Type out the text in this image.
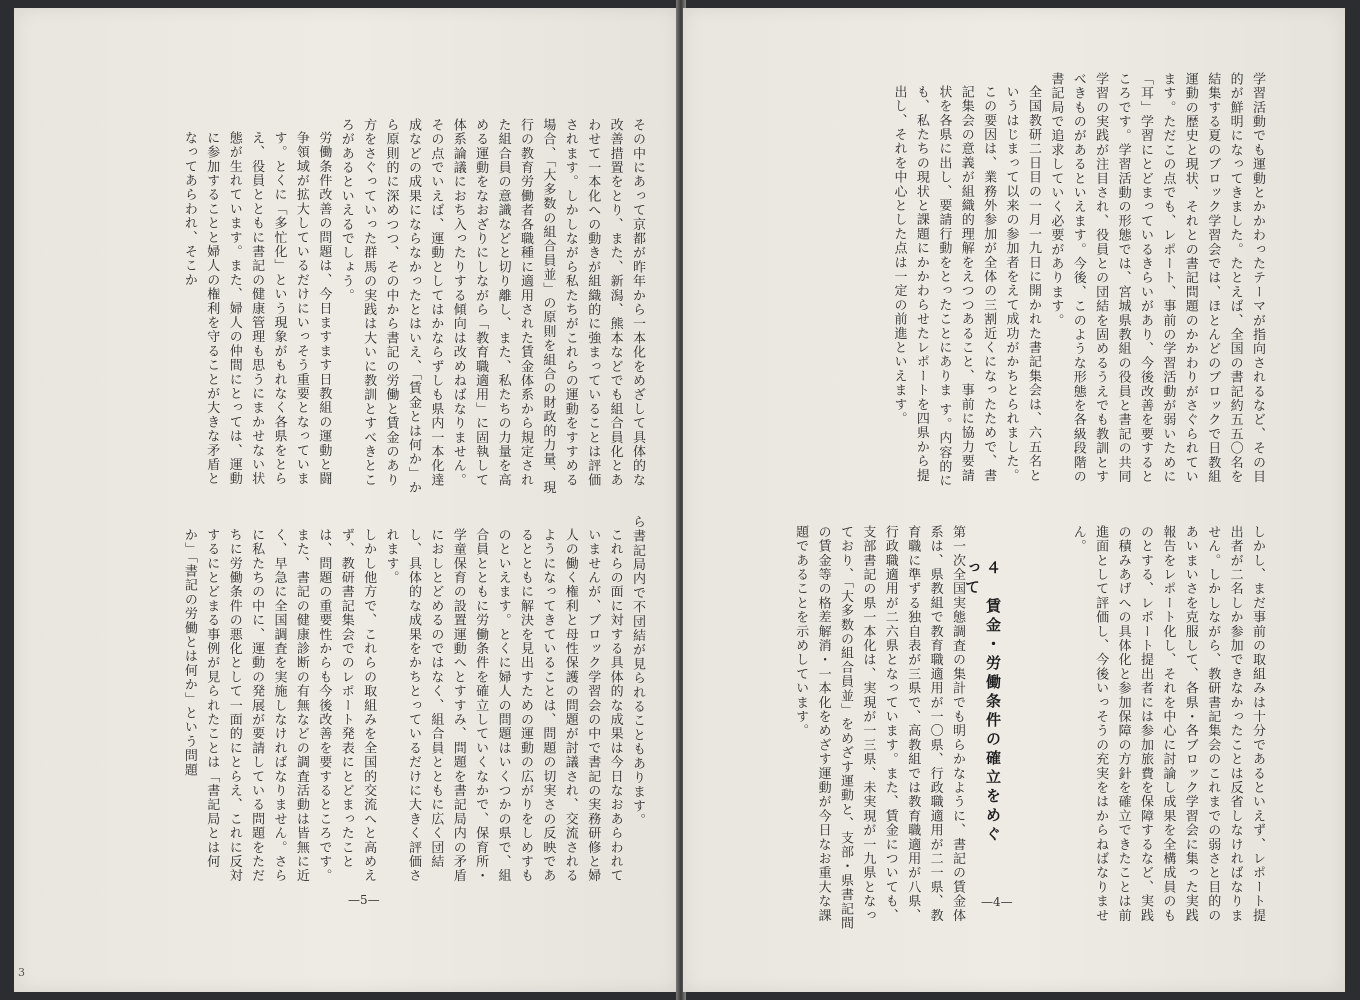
学習活動でも運動とかかわったテーマが指向されるなど、その目的が鮮明になってきました。たとえば、全国の書記約五五〇名を結集する夏のブロック学習会では、ほとんどのブロックで日教組運動の歴史と現状、それとの書記問題のかかわりがさぐられています。ただこの点でも、レポート、事前の学習活動が弱いために「耳」学習にとどまっているきらいがあり、今後改善を要するところです。学習活動の形態では、宮城県教組の役員と書記の共同学習の実践が注目され、役員との団結を固めるうえでも教訓とすべきものがあるといえます。今後、このような形態を各級段階の書記局で追求していく必要があります。

全国教研二日目の一月一九日に開かれた書記集会は、六五名というはじまって以来の参加者をえて成功がかちとられました。この要因は、業務外参加が全体の三割近くになったためで、書記集会の意義が組織的理解をえつつあること、事前に協力要請状を各県に出し、要請行動をとったことにありま す。内容的にも、私たちの現状と課題にかかわらせたレポートを四県から提出し、それを中心とした点は一定の前進といえます。

しかし、まだ事前の取組みは十分であるといえず、レポート提出者が二名しか参加できなかったことは反省しなければなりません。しかしながら、教研書記集会のこれまでの弱さと目的のあいまいさを克服して、各県・各ブロック学習会に集った実践報告をレポート化し、それを中心に討論し成果を全構成員のものとする、レポート提出者には参加旅費を保障するなど、実践の積みあげへの具体化と参加保障の方針を確立できたことは前進面として評価し、今後いっそうの充実をはからねばなりません。

４　賃金・労働条件の確立をめぐって

第一次全国実態調査の集計でも明らかなように、書記の賃金体系は、県教組で教育職適用が一〇県、行政職適用が二一県、教育職に準ずる独自表が三県で、高教組では教育職適用が八県、行政職適用が二六県となっています。また、賃金についても、支部書記の県一本化は、実現が一三県、未実現が一九県となっており、「大多数の組合員並」をめざす運動と、支部・県書記間の賃金等の格差解消・一本化をめざす運動が今日なお重大な課題であることを示めしています。

—4—

その中にあって京都が昨年から一本化をめざして具体的な改善措置をとり、また、新潟、熊本などでも組合員化とあわせて一本化への動きが組織的に強まっていることは評価されます。しかしながら私たちがこれらの運動をすすめる場合、「大多数の組合員並」の原則を組合の財政的力量、現行の教育労働者各職種に適用された賃金体系から規定された組合員の意識などと切り離し、また、私たちの力量を高める運動をなおざりにしながら「教育職適用」に固執して体系論議におち入ったりする傾向は改めねばなりません。その点でいえば、運動としてはかならずしも県内一本化達成などの成果にならなかったとはいえ、「賃金とは何か」から原則的に深めつつ、その中から書記の労働と賃金のあり方をさぐっていった群馬の実践は大いに教訓とすべきところがあるといえるでしょう。

労働条件改善の問題は、今日ますます日教組の運動と闘争領域が拡大しているだけにいっそう重要となっています。とくに「多忙化」という現象がもれなく各県をとらえ、役員とともに書記の健康管理も思うにまかせない状態が生れています。また、婦人の仲間にとっては、運動に参加することと婦人の権利を守ることが大きな矛盾となってあらわれ、そこか

ら書記局内で不団結が見られることもあります。

これらの面に対する具体的な成果は今日なおあらわれていませんが、ブロック学習会の中で書記の実務研修と婦人の働く権利と母性保護の問題が討議され、交流されるようになってきていることは、問題の切実さの反映であるとともに解決を見出すための運動の広がりをしめすものといえます。とくに婦人の問題はいくつかの県で、組合員とともに労働条件を確立していくなかで、保育所・学童保育の設置運動へとすすみ、問題を書記局内の矛盾におしとどめるのではなく、組合員とともに広く団結し、具体的な成果をかちとっているだけに大きく評価されます。

しかし他方で、これらの取組みを全国的交流へと高めえず、教研書記集会でのレポート発表にとどまったことは、問題の重要性からも今後改善を要するところです。また、書記の健康診断の有無などの調査活動は皆無に近く、早急に全国調査を実施しなければなりません。さらに私たちの中に、運動の発展が要請している問題をただちに労働条件の悪化として一面的にとらえ、これに反対するにとどまる事例が見られたことは「書記局とは何か」「書記の労働とは何か」という問題

—5—
3
